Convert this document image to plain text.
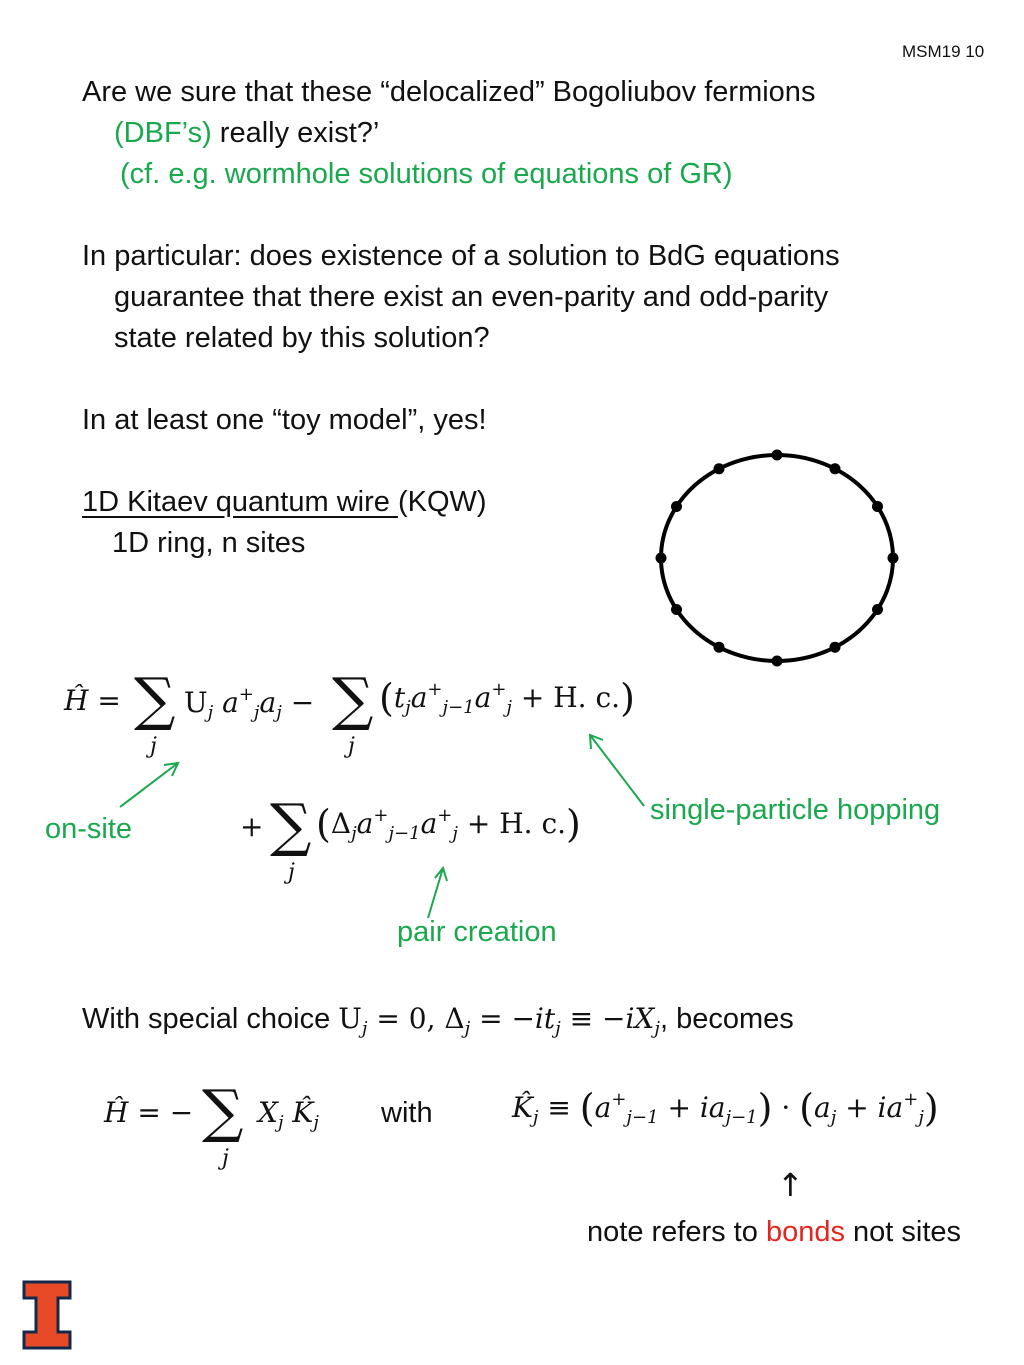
MSM19 10
Are we sure that these “delocalized” Bogoliubov fermions
(DBF’s) really exist?’
(cf. e.g. wormhole solutions of equations of GR)
In particular: does existence of a solution to BdG equations
guarantee that there exist an even-parity and odd-parity
state related by this solution?
In at least one “toy model”, yes!
1D Kitaev quantum wire (KQW)
1D ring, n sites
Ĥ = ∑
j
$U_j$ $a^+_ja_j$ − ∑
j
($t_ja^+_{j-1}a^+_j + H$. c.)
on-site
single-particle hopping
pair creation
+ ∑
j
($\Delta_ja^+_{j-1}a^+_j + H$. c.)
With special choice $U_j = 0$, $\Delta_j = -it_j \equiv -iX_j$, becomes
Ĥ = − ∑
j
$X_j$ $K̂_j$ with	$K̂_j \equiv (a^+_{j-1} + ia_{j-1}) \cdot (a_j + ia^+_j)$
↑
note refers to bonds not sites
